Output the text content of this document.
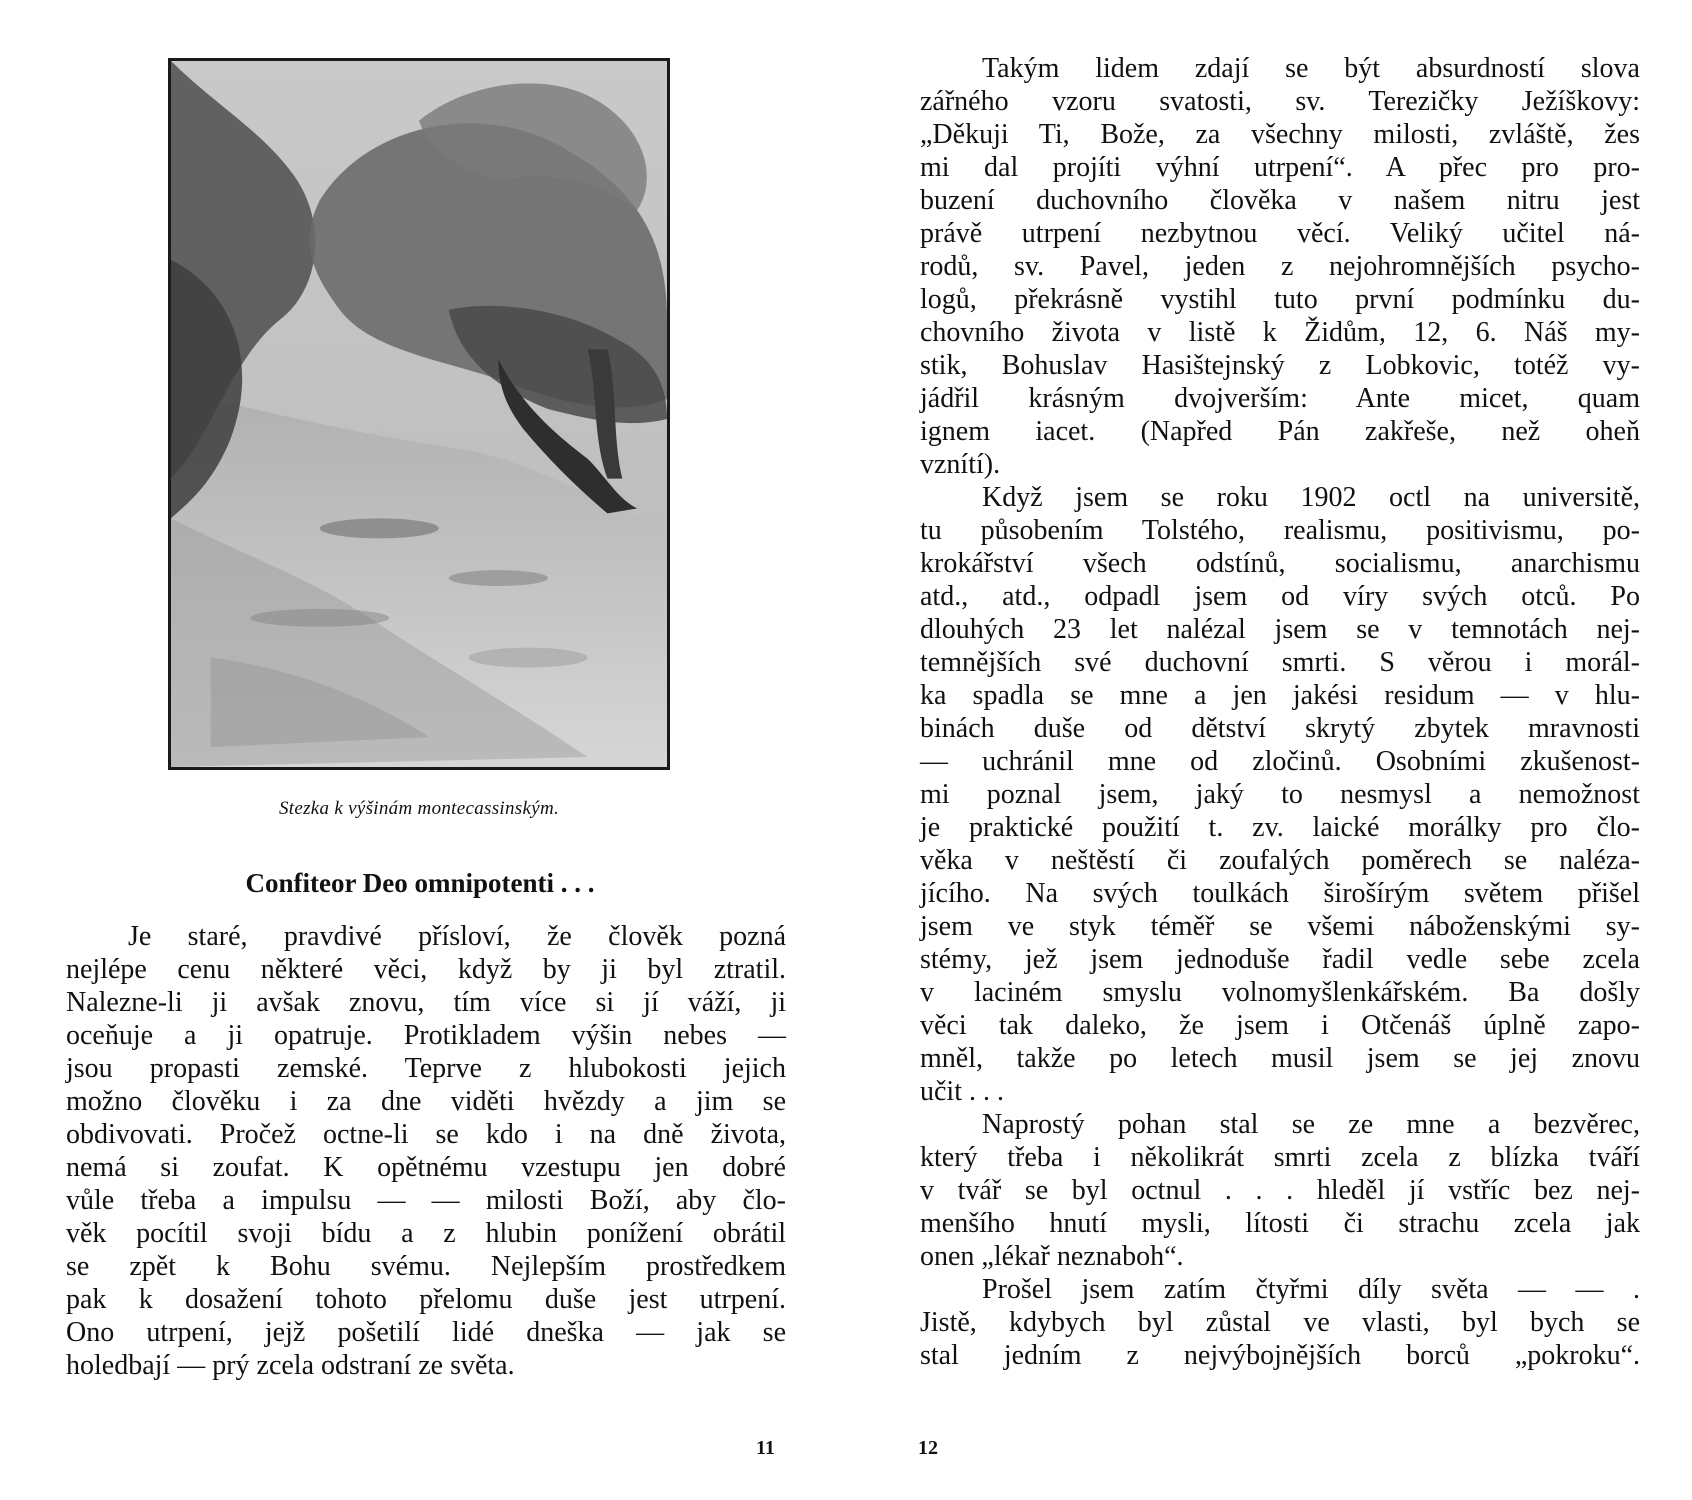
Stezka k výšinám montecassinským.
Confiteor Deo omnipotenti . . .
Je staré, pravdivé přísloví, že člověk pozná
nejlépe cenu některé věci, když by ji byl ztratil.
Nalezne-li ji avšak znovu, tím více si jí váží, ji
oceňuje a ji opatruje. Protikladem výšin nebes —
jsou propasti zemské. Teprve z hlubokosti jejich
možno člověku i za dne viděti hvězdy a jim se
obdivovati. Pročež octne-li se kdo i na dně života,
nemá si zoufat. K opětnému vzestupu jen dobré
vůle třeba a impulsu — — milosti Boží, aby člo-
věk pocítil svoji bídu a z hlubin ponížení obrátil
se zpět k Bohu svému. Nejlepším prostředkem
pak k dosažení tohoto přelomu duše jest utrpení.
Ono utrpení, jejž pošetilí lidé dneška — jak se
holedbají — prý zcela odstraní ze světa.
11
Takým lidem zdají se být absurdností slova
zářného vzoru svatosti, sv. Terezičky Ježíškovy:
„Děkuji Ti, Bože, za všechny milosti, zvláště, žes
mi dal projíti výhní utrpení“. A přec pro pro-
buzení duchovního člověka v našem nitru jest
právě utrpení nezbytnou věcí. Veliký učitel ná-
rodů, sv. Pavel, jeden z nejohromnějších psycho-
logů, překrásně vystihl tuto první podmínku du-
chovního života v listě k Židům, 12, 6. Náš my-
stik, Bohuslav Hasištejnský z Lobkovic, totéž vy-
jádřil krásným dvojverším: Ante micet, quam
ignem iacet. (Napřed Pán zakřeše, než oheň
vznítí).
Když jsem se roku 1902 octl na universitě,
tu působením Tolstého, realismu, positivismu, po-
krokářství všech odstínů, socialismu, anarchismu
atd., atd., odpadl jsem od víry svých otců. Po
dlouhých 23 let nalézal jsem se v temnotách nej-
temnějších své duchovní smrti. S věrou i morál-
ka spadla se mne a jen jakési residum — v hlu-
binách duše od dětství skrytý zbytek mravnosti
— uchránil mne od zločinů. Osobními zkušenost-
mi poznal jsem, jaký to nesmysl a nemožnost
je praktické použití t. zv. laické morálky pro člo-
věka v neštěstí či zoufalých poměrech se naléza-
jícího. Na svých toulkách širošírým světem přišel
jsem ve styk téměř se všemi náboženskými sy-
stémy, jež jsem jednoduše řadil vedle sebe zcela
v laciném smyslu volnomyšlenkářském. Ba došly
věci tak daleko, že jsem i Otčenáš úplně zapo-
mněl, takže po letech musil jsem se jej znovu
učit . . .
Naprostý pohan stal se ze mne a bezvěrec,
který třeba i několikrát smrti zcela z blízka tváří
v tvář se byl octnul . . . hleděl jí vstříc bez nej-
menšího hnutí mysli, lítosti či strachu zcela jak
onen „lékař neznaboh“.
Prošel jsem zatím čtyřmi díly světa — — .
Jistě, kdybych byl zůstal ve vlasti, byl bych se
stal jedním z nejvýbojnějších borců „pokroku“.
12
